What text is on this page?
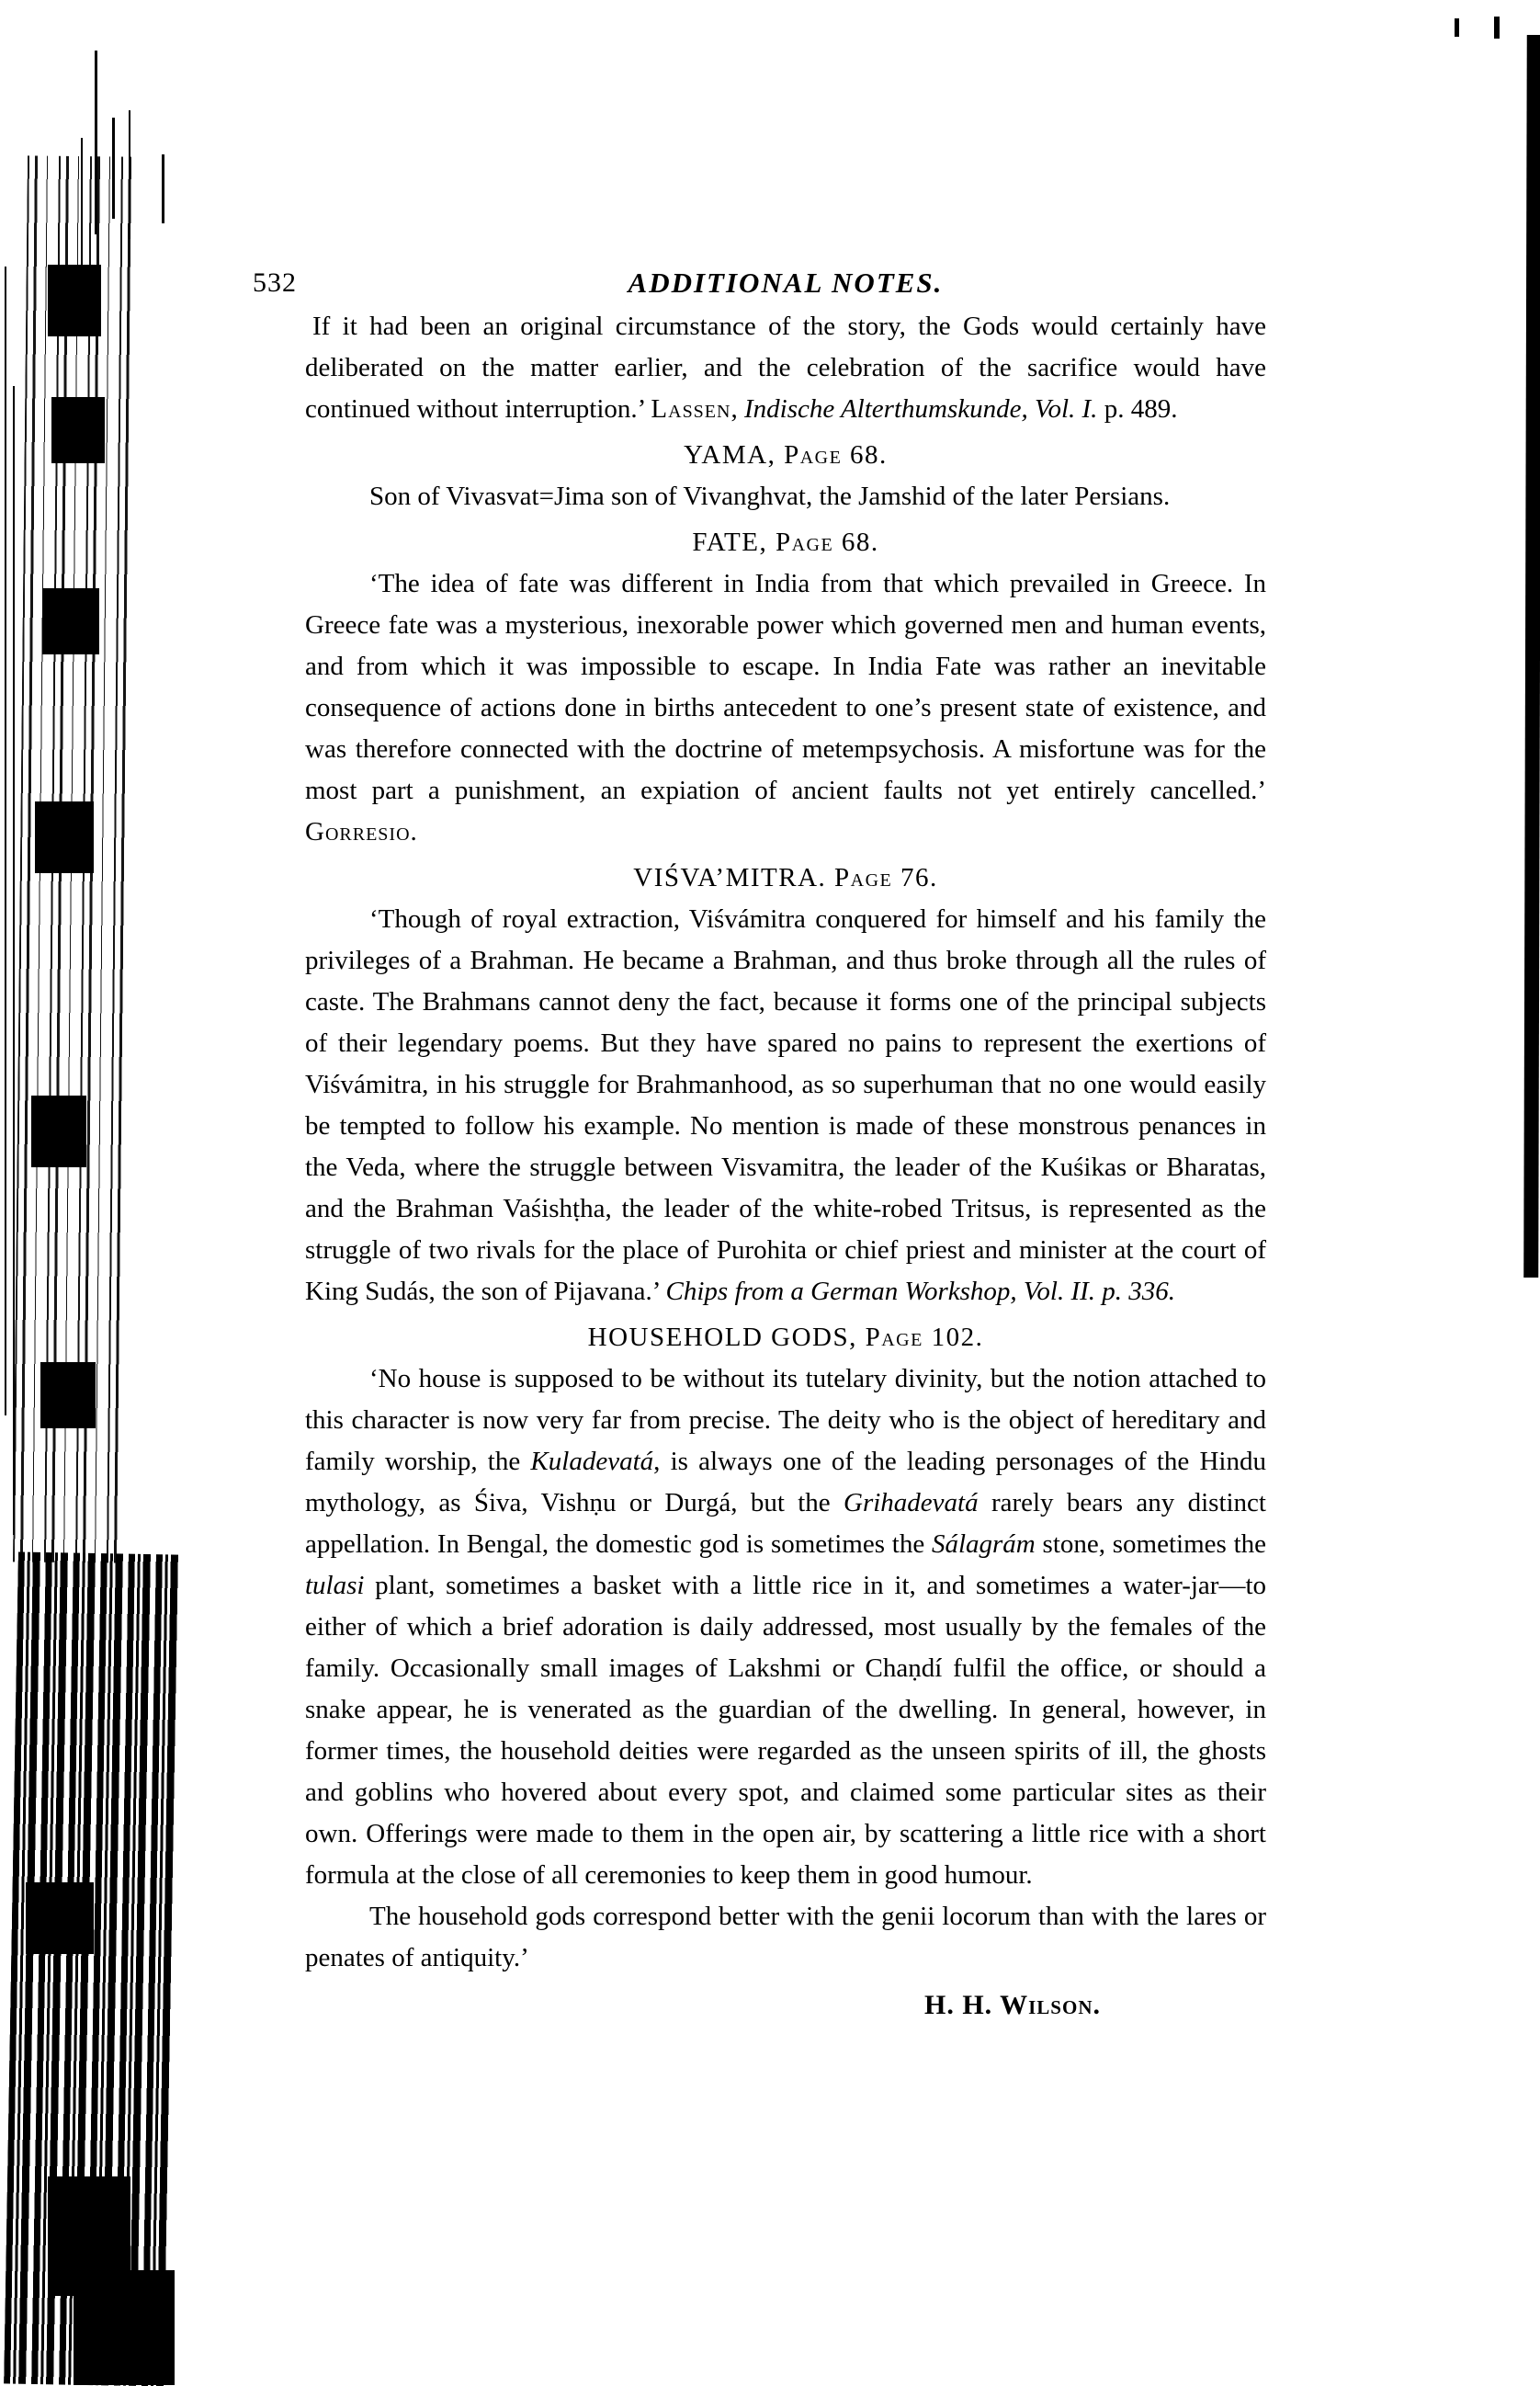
532	ADDITIONAL NOTES.

If it had been an original circumstance of the story, the Gods would certainly have deliberated on the matter earlier, and the celebration of the sacrifice would have continued without interruption.’ Lassen, Indische Alterthumskunde, Vol. I. p. 489.

YAMA, Page 68.

Son of Vivasvat=Jima son of Vivanghvat, the Jamshid of the later Persians.

FATE, Page 68.

‘The idea of fate was different in India from that which prevailed in Greece. In Greece fate was a mysterious, inexorable power which governed men and human events, and from which it was impossible to escape. In India Fate was rather an inevitable consequence of actions done in births antecedent to one’s present state of existence, and was therefore connected with the doctrine of metempsychosis. A misfortune was for the most part a punishment, an expiation of ancient faults not yet entirely cancelled.’ Gorresio.

VIŚVA’MITRA. Page 76.

‘Though of royal extraction, Viśvámitra conquered for himself and his family the privileges of a Brahman. He became a Brahman, and thus broke through all the rules of caste. The Brahmans cannot deny the fact, because it forms one of the principal subjects of their legendary poems. But they have spared no pains to represent the exertions of Viśvámitra, in his struggle for Brahmanhood, as so superhuman that no one would easily be tempted to follow his example. No mention is made of these monstrous penances in the Veda, where the struggle between Visvamitra, the leader of the Kuśikas or Bharatas, and the Brahman Vaśishṭha, the leader of the white-robed Tritsus, is represented as the struggle of two rivals for the place of Purohita or chief priest and minister at the court of King Sudás, the son of Pijavana.’ Chips from a German Workshop, Vol. II. p. 336.

HOUSEHOLD GODS, Page 102.

‘No house is supposed to be without its tutelary divinity, but the notion attached to this character is now very far from precise. The deity who is the object of hereditary and family worship, the Kuladevatá, is always one of the leading personages of the Hindu mythology, as Śiva, Vishṇu or Durgá, but the Grihadevatá rarely bears any distinct appellation. In Bengal, the domestic god is sometimes the Sálagrám stone, sometimes the tulasi plant, sometimes a basket with a little rice in it, and sometimes a water-jar—to either of which a brief adoration is daily addressed, most usually by the females of the family. Occasionally small images of Lakshmi or Chaṇdí fulfil the office, or should a snake appear, he is venerated as the guardian of the dwelling. In general, however, in former times, the household deities were regarded as the unseen spirits of ill, the ghosts and goblins who hovered about every spot, and claimed some particular sites as their own. Offerings were made to them in the open air, by scattering a little rice with a short formula at the close of all ceremonies to keep them in good humour.

The household gods correspond better with the genii locorum than with the lares or penates of antiquity.’

H. H. Wilson.
